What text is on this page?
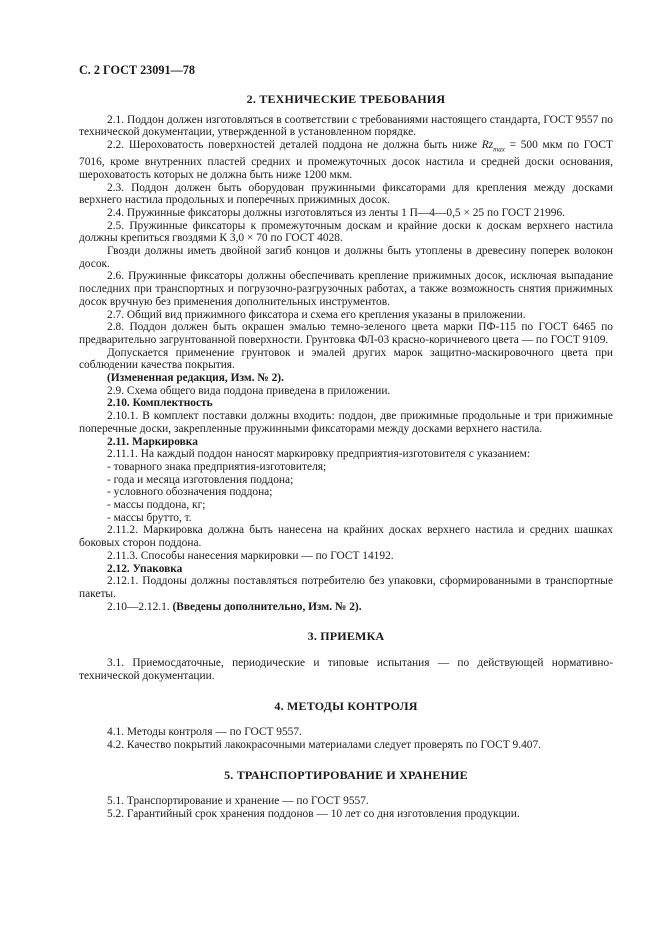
С. 2 ГОСТ 23091—78
2. ТЕХНИЧЕСКИЕ ТРЕБОВАНИЯ

2.1. Поддон должен изготовляться в соответствии с требованиями настоящего стандарта, ГОСТ 9557 по технической документации, утвержденной в установленном порядке.

2.2. Шероховатость поверхностей деталей поддона не должна быть ниже $Rz_{max} = 500$ мкм по ГОСТ 7016, кроме внутренних пластей средних и промежуточных досок настила и средней доски основания, шероховатость которых не должна быть ниже 1200 мкм.

2.3. Поддон должен быть оборудован пружинными фиксаторами для крепления между досками верхнего настила продольных и поперечных прижимных досок.

2.4. Пружинные фиксаторы должны изготовляться из ленты 1 П—4—0,5 × 25 по ГОСТ 21996.

2.5. Пружинные фиксаторы к промежуточным доскам и крайние доски к доскам верхнего настила должны крепиться гвоздями К 3,0 × 70 по ГОСТ 4028.

Гвозди должны иметь двойной загиб концов и должны быть утоплены в древесину поперек волокон досок.

2.6. Пружинные фиксаторы должны обеспечивать крепление прижимных досок, исключая выпадание последних при транспортных и погрузочно-разгрузочных работах, а также возможность снятия прижимных досок вручную без применения дополнительных инструментов.

2.7. Общий вид прижимного фиксатора и схема его крепления указаны в приложении.

2.8. Поддон должен быть окрашен эмалью темно-зеленого цвета марки ПФ-115 по ГОСТ 6465 по предварительно загрунтованной поверхности. Грунтовка ФЛ-03 красно-коричневого цвета — по ГОСТ 9109.

Допускается применение грунтовок и эмалей других марок защитно-маскировочного цвета при соблюдении качества покрытия.

(Измененная редакция, Изм. № 2).

2.9. Схема общего вида поддона приведена в приложении.

2.10. Комплектность

2.10.1. В комплект поставки должны входить: поддон, две прижимные продольные и три прижимные поперечные доски, закрепленные пружинными фиксаторами между досками верхнего настила.

2.11. Маркировка

2.11.1. На каждый поддон наносят маркировку предприятия-изготовителя с указанием:

- товарного знака предприятия-изготовителя;

- года и месяца изготовления поддона;

- условного обозначения поддона;

- массы поддона, кг;

- массы брутто, т.

2.11.2. Маркировка должна быть нанесена на крайних досках верхнего настила и средних шашках боковых сторон поддона.

2.11.3. Способы нанесения маркировки — по ГОСТ 14192.

2.12. Упаковка

2.12.1. Поддоны должны поставляться потребителю без упаковки, сформированными в транспортные пакеты.

2.10—2.12.1. (Введены дополнительно, Изм. № 2).

3. ПРИЕМКА

3.1. Приемосдаточные, периодические и типовые испытания — по действующей нормативно-технической документации.

4. МЕТОДЫ КОНТРОЛЯ

4.1. Методы контроля — по ГОСТ 9557.

4.2. Качество покрытий лакокрасочными материалами следует проверять по ГОСТ 9.407.

5. ТРАНСПОРТИРОВАНИЕ И ХРАНЕНИЕ

5.1. Транспортирование и хранение — по ГОСТ 9557.

5.2. Гарантийный срок хранения поддонов — 10 лет со дня изготовления продукции.
